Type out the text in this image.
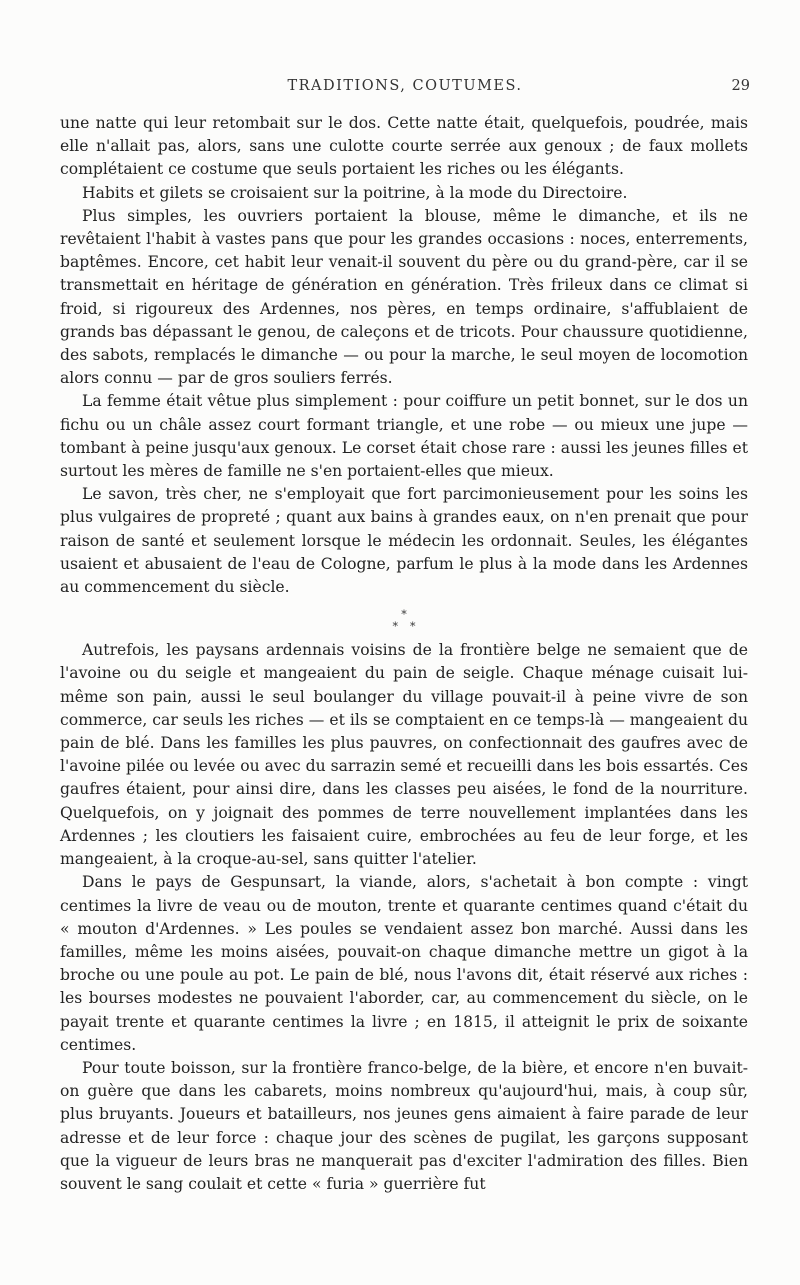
TRADITIONS, COUTUMES.	29

une natte qui leur retombait sur le dos. Cette natte était, quelquefois, poudrée, mais elle n'allait pas, alors, sans une culotte courte serrée aux genoux ; de faux mollets complétaient ce costume que seuls portaient les riches ou les élégants.

Habits et gilets se croisaient sur la poitrine, à la mode du Directoire.

Plus simples, les ouvriers portaient la blouse, même le dimanche, et ils ne revêtaient l'habit à vastes pans que pour les grandes occasions : noces, enterrements, baptêmes. Encore, cet habit leur venait-il souvent du père ou du grand-père, car il se transmettait en héritage de génération en génération. Très frileux dans ce climat si froid, si rigoureux des Ardennes, nos pères, en temps ordinaire, s'affublaient de grands bas dépassant le genou, de caleçons et de tricots. Pour chaussure quotidienne, des sabots, remplacés le dimanche — ou pour la marche, le seul moyen de locomotion alors connu — par de gros souliers ferrés.

La femme était vêtue plus simplement : pour coiffure un petit bonnet, sur le dos un fichu ou un châle assez court formant triangle, et une robe — ou mieux une jupe — tombant à peine jusqu'aux genoux. Le corset était chose rare : aussi les jeunes filles et surtout les mères de famille ne s'en portaient-elles que mieux.

Le savon, très cher, ne s'employait que fort parcimonieusement pour les soins les plus vulgaires de propreté ; quant aux bains à grandes eaux, on n'en prenait que pour raison de santé et seulement lorsque le médecin les ordonnait. Seules, les élégantes usaient et abusaient de l'eau de Cologne, parfum le plus à la mode dans les Ardennes au commencement du siècle.

*
* *

Autrefois, les paysans ardennais voisins de la frontière belge ne semaient que de l'avoine ou du seigle et mangeaient du pain de seigle. Chaque ménage cuisait lui-même son pain, aussi le seul boulanger du village pouvait-il à peine vivre de son commerce, car seuls les riches — et ils se comptaient en ce temps-là — mangeaient du pain de blé. Dans les familles les plus pauvres, on confectionnait des gaufres avec de l'avoine pilée ou levée ou avec du sarrazin semé et recueilli dans les bois essartés. Ces gaufres étaient, pour ainsi dire, dans les classes peu aisées, le fond de la nourriture. Quelquefois, on y joignait des pommes de terre nouvellement implantées dans les Ardennes ; les cloutiers les faisaient cuire, embrochées au feu de leur forge, et les mangeaient, à la croque-au-sel, sans quitter l'atelier.

Dans le pays de Gespunsart, la viande, alors, s'achetait à bon compte : vingt centimes la livre de veau ou de mouton, trente et quarante centimes quand c'était du « mouton d'Ardennes. » Les poules se vendaient assez bon marché. Aussi dans les familles, même les moins aisées, pouvait-on chaque dimanche mettre un gigot à la broche ou une poule au pot. Le pain de blé, nous l'avons dit, était réservé aux riches : les bourses modestes ne pouvaient l'aborder, car, au commencement du siècle, on le payait trente et quarante centimes la livre ; en 1815, il atteignit le prix de soixante centimes.

Pour toute boisson, sur la frontière franco-belge, de la bière, et encore n'en buvait-on guère que dans les cabarets, moins nombreux qu'aujourd'hui, mais, à coup sûr, plus bruyants. Joueurs et batailleurs, nos jeunes gens aimaient à faire parade de leur adresse et de leur force : chaque jour des scènes de pugilat, les garçons supposant que la vigueur de leurs bras ne manquerait pas d'exciter l'admiration des filles. Bien souvent le sang coulait et cette « furia » guerrière fut
